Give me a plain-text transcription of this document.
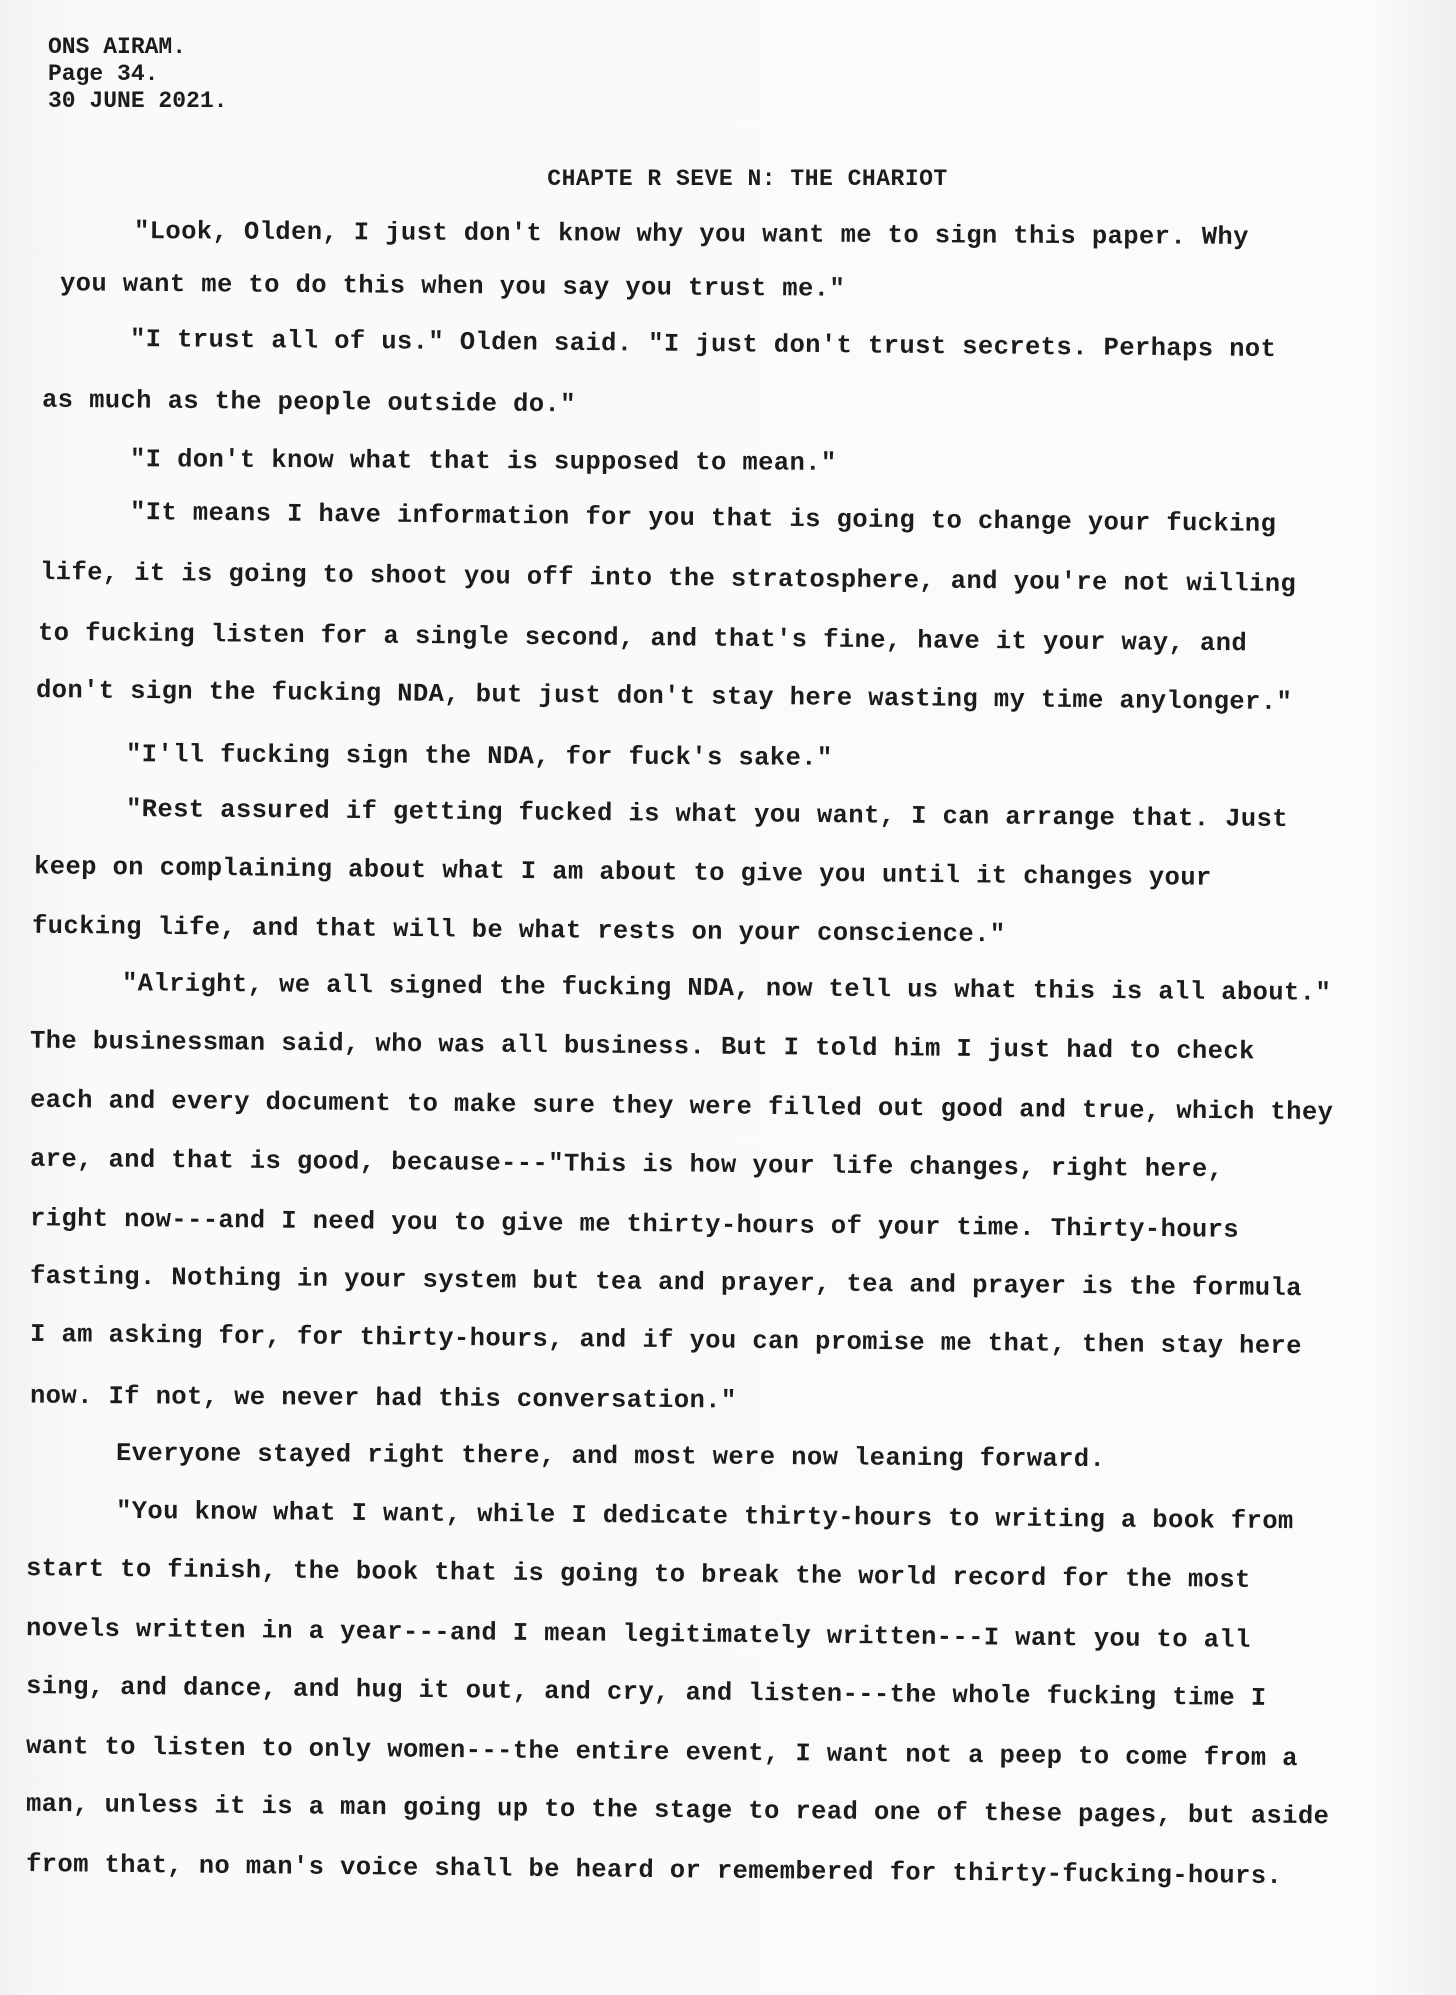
ONS AIRAM.
Page 34.
30 JUNE 2021.
CHAPTE R SEVE N: THE CHARIOT
"Look, Olden, I just don't know why you want me to sign this paper. Why
you want me to do this when you say you trust me."
"I trust all of us." Olden said. "I just don't trust secrets. Perhaps not
as much as the people outside do."
"I don't know what that is supposed to mean."
"It means I have information for you that is going to change your fucking
life, it is going to shoot you off into the stratosphere, and you're not willing
to fucking listen for a single second, and that's fine, have it your way, and
don't sign the fucking NDA, but just don't stay here wasting my time anylonger."
"I'll fucking sign the NDA, for fuck's sake."
"Rest assured if getting fucked is what you want, I can arrange that. Just
keep on complaining about what I am about to give you until it changes your
fucking life, and that will be what rests on your conscience."
"Alright, we all signed the fucking NDA, now tell us what this is all about."
The businessman said, who was all business. But I told him I just had to check
each and every document to make sure they were filled out good and true, which they
are, and that is good, because---"This is how your life changes, right here,
right now---and I need you to give me thirty-hours of your time. Thirty-hours
fasting. Nothing in your system but tea and prayer, tea and prayer is the formula
I am asking for, for thirty-hours, and if you can promise me that, then stay here
now. If not, we never had this conversation."
Everyone stayed right there, and most were now leaning forward.
"You know what I want, while I dedicate thirty-hours to writing a book from
start to finish, the book that is going to break the world record for the most
novels written in a year---and I mean legitimately written---I want you to all
sing, and dance, and hug it out, and cry, and listen---the whole fucking time I
want to listen to only women---the entire event, I want not a peep to come from a
man, unless it is a man going up to the stage to read one of these pages, but aside
from that, no man's voice shall be heard or remembered for thirty-fucking-hours.
